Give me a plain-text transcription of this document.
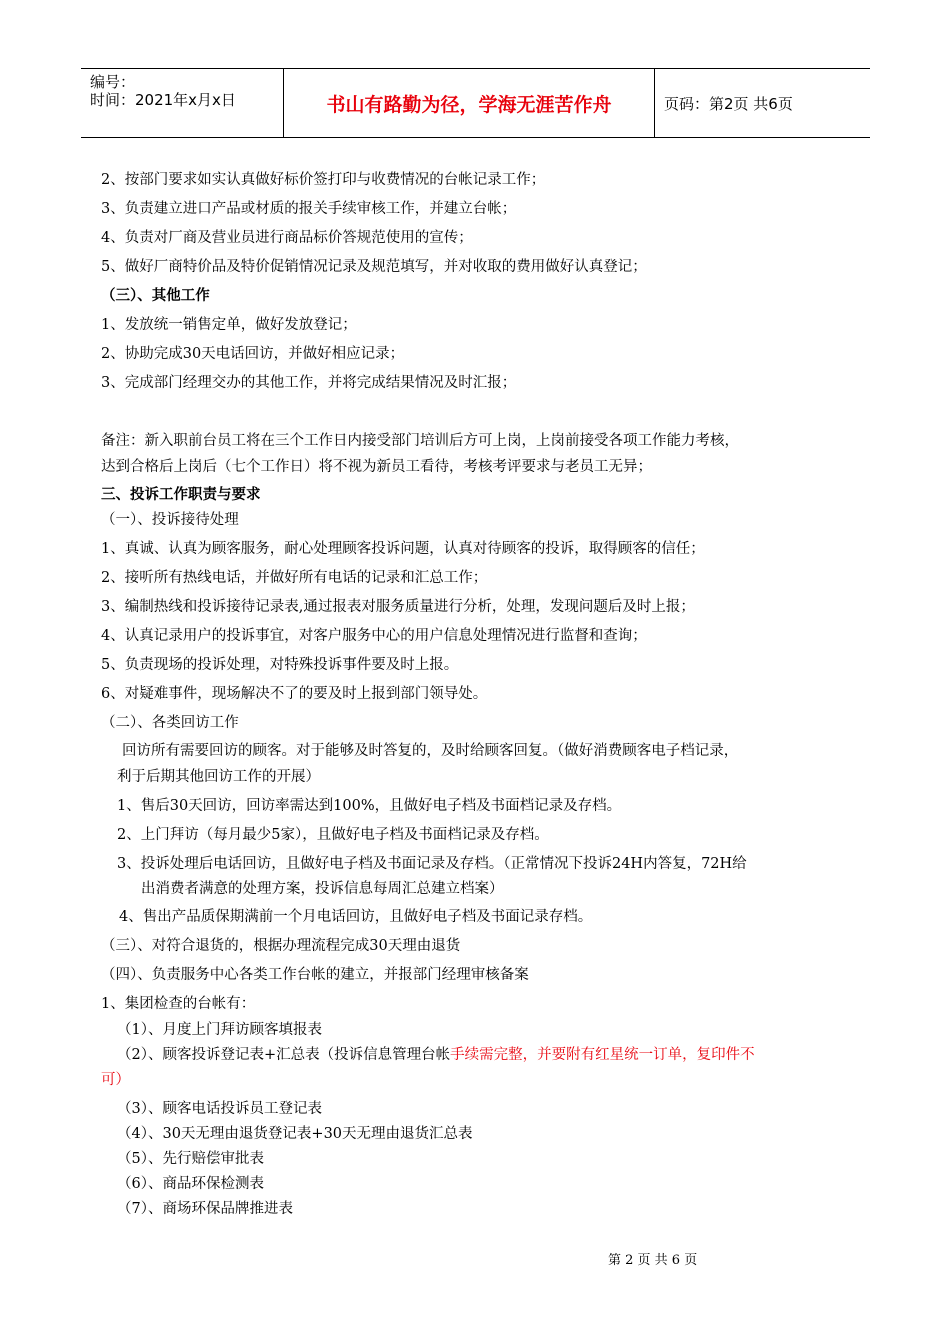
编号：
时间：2021年x月x日	书山有路勤为径，学海无涯苦作舟	页码：第2页 共6页
2、按部门要求如实认真做好标价签打印与收费情况的台帐记录工作；
3、负责建立进口产品或材质的报关手续审核工作，并建立台帐；
4、负责对厂商及营业员进行商品标价答规范使用的宣传；
5、做好厂商特价品及特价促销情况记录及规范填写，并对收取的费用做好认真登记；
（三）、其他工作
1、发放统一销售定单，做好发放登记；
2、协助完成30天电话回访，并做好相应记录；
3、完成部门经理交办的其他工作，并将完成结果情况及时汇报；
备注：新入职前台员工将在三个工作日内接受部门培训后方可上岗，上岗前接受各项工作能力考核，
达到合格后上岗后（七个工作日）将不视为新员工看待，考核考评要求与老员工无异；
三、投诉工作职责与要求
（一）、投诉接待处理
1、真诚、认真为顾客服务，耐心处理顾客投诉问题，认真对待顾客的投诉，取得顾客的信任；
2、接听所有热线电话，并做好所有电话的记录和汇总工作；
3、编制热线和投诉接待记录表,通过报表对服务质量进行分析，处理，发现问题后及时上报；
4、认真记录用户的投诉事宜，对客户服务中心的用户信息处理情况进行监督和查询；
5、负责现场的投诉处理，对特殊投诉事件要及时上报。
6、对疑难事件，现场解决不了的要及时上报到部门领导处。
（二）、各类回访工作
回访所有需要回访的顾客。对于能够及时答复的，及时给顾客回复。（做好消费顾客电子档记录，
利于后期其他回访工作的开展）
1、售后30天回访，回访率需达到100%，且做好电子档及书面档记录及存档。
2、上门拜访（每月最少5家），且做好电子档及书面档记录及存档。
3、投诉处理后电话回访，且做好电子档及书面记录及存档。（正常情况下投诉24H内答复，72H给
出消费者满意的处理方案，投诉信息每周汇总建立档案）
4、售出产品质保期满前一个月电话回访，且做好电子档及书面记录存档。
（三）、对符合退货的，根据办理流程完成30天理由退货
（四）、负责服务中心各类工作台帐的建立，并报部门经理审核备案
1、集团检查的台帐有：
（1）、月度上门拜访顾客填报表
（2）、顾客投诉登记表+汇总表（投诉信息管理台帐手续需完整，并要附有红星统一订单，复印件不
可）
（3）、顾客电话投诉员工登记表
（4）、30天无理由退货登记表+30天无理由退货汇总表
（5）、先行赔偿审批表
（6）、商品环保检测表
（7）、商场环保品牌推进表
第 2 页 共 6 页
